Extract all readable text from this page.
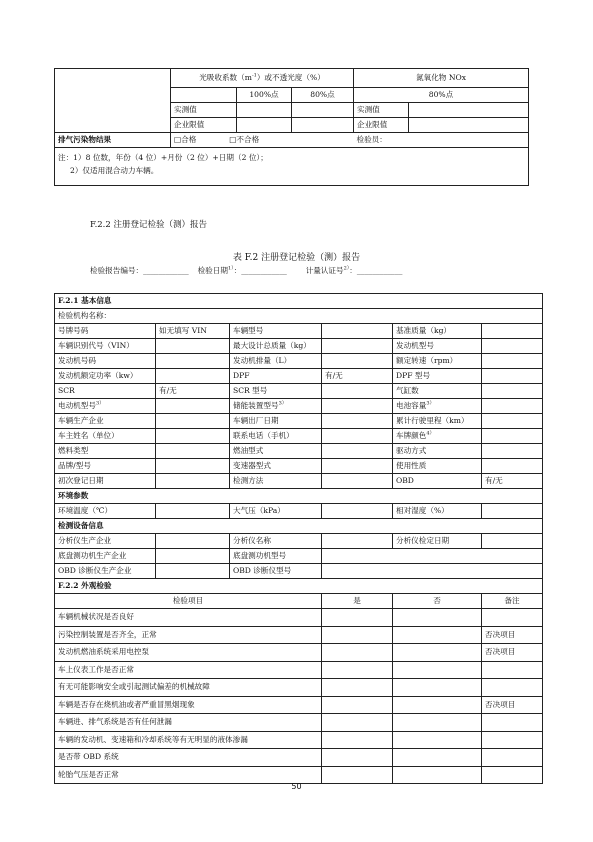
	光吸收系数$(m^{-1})$或不透光度（%）			氮氧化物 NOx	
		100%点	80%点	80%点	
	实测值			实测值	
	企业限值			企业限值	
排气污染物结果	□合格 □不合格			检验员：	

注：1）8 位数，年份（4 位）+月份（2 位）+日期（2 位）；
2）仅适用混合动力车辆。					
F.2.2 注册登记检验（测）报告
表 F.2 注册登记检验（测）报告
检验报告编号：____________ 检验日期$^{1)}$：____________ 计量认证号$^{2)}$：____________
F.2.1 基本信息					
检验机构名称：					
号牌号码	如无填写 VIN	车辆型号		基准质量（kg）	
车辆识别代号（VIN）		最大设计总质量（kg）		发动机型号	
发动机号码		发动机排量（L）		额定转速（rpm）	
发动机额定功率（kw）		DPF	有/无	DPF 型号	
SCR	有/无	SCR 型号		气缸数	
电动机型号$^{3)}$		储能装置型号$^{3)}$		电池容量$^{3)}$	
车辆生产企业		车辆出厂日期		累计行驶里程（km）	
车主姓名（单位）		联系电话（手机）		车牌颜色$^{4)}$	
燃料类型		燃油型式		驱动方式	
品牌/型号		变速器型式		使用性质	
初次登记日期		检测方法		OBD	有/无
环境参数					
环境温度（℃）		大气压（kPa）		相对湿度（%）	
检测设备信息					
分析仪生产企业		分析仪名称		分析仪检定日期	
底盘测功机生产企业		底盘测功机型号			
OBD 诊断仪生产企业		OBD 诊断仪型号			
F.2.2 外观检验					
检验项目			是	否	备注
车辆机械状况是否良好					
污染控制装置是否齐全，正常					否决项目
发动机燃油系统采用电控泵					否决项目
车上仪表工作是否正常					
有无可能影响安全或引起测试偏差的机械故障					
车辆是否存在烧机油或者严重冒黑烟现象					否决项目
车辆进、排气系统是否有任何泄漏					
车辆的发动机、变速箱和冷却系统等有无明显的液体渗漏					
是否带 OBD 系统					
轮胎气压是否正常					
50
